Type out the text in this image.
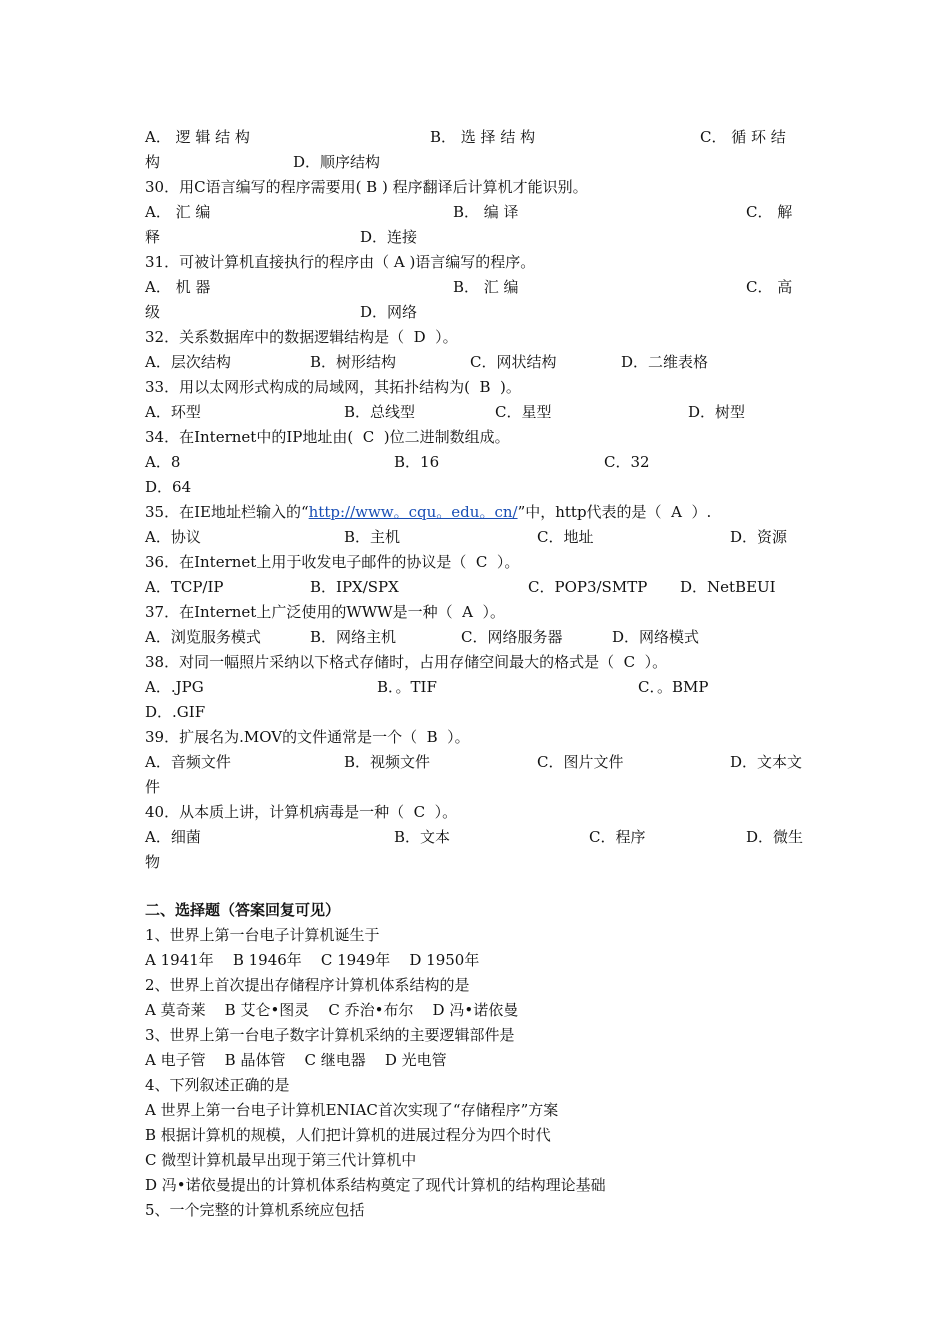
A． 逻 辑 结 构	B． 选 择 结 构	C． 循 环 结
构	D．顺序结构
30．用C语言编写的程序需要用( B ) 程序翻译后计算机才能识别。
A． 汇 编	B． 编 译	C． 解
释	D．连接
31．可被计算机直接执行的程序由（ A )语言编写的程序。
A． 机 器	B． 汇 编	C． 高
级	D．网络
32．关系数据库中的数据逻辑结构是（  D  ）。
A．层次结构	B．树形结构	C．网状结构	D．二维表格
33．用以太网形式构成的局域网，其拓扑结构为(  B  )。
A．环型	B．总线型	C．星型	D．树型
34．在Internet中的IP地址由(  C  )位二进制数组成。
A．8	B．16	C．32
D．64
35．在IE地址栏输入的“http://www。cqu。edu。cn/”中，http代表的是（  A  ）.
A．协议	B．主机	C．地址	D．资源
36．在Internet上用于收发电子邮件的协议是（  C  ）。
A．TCP/IP	B．IPX/SPX	C．POP3/SMTP D．NetBEUI
37．在Internet上广泛使用的WWW是一种（  A  ）。
A．浏览服务模式	B．网络主机	C．网络服务器	D．网络模式
38．对同一幅照片采纳以下格式存储时，占用存储空间最大的格式是（  C  ）。
A．.JPG	B．。TIF	C．。BMP
D．.GIF
39．扩展名为.MOV的文件通常是一个（  B  ）。
A．音频文件	B．视频文件	C．图片文件	D．文本文
件
40．从本质上讲，计算机病毒是一种（  C  ）。
A．细菌	B．文本	C．程序	D．微生
物
二、选择题（答案回复可见）
1、世界上第一台电子计算机诞生于
A 1941年    B 1946年    C 1949年    D 1950年
2、世界上首次提出存储程序计算机体系结构的是
A 莫奇莱    B 艾仑•图灵    C 乔治•布尔    D 冯•诺依曼
3、世界上第一台电子数字计算机采纳的主要逻辑部件是
A 电子管    B 晶体管    C 继电器    D 光电管
4、下列叙述正确的是
A 世界上第一台电子计算机ENIAC首次实现了“存储程序”方案
B 根据计算机的规模，人们把计算机的进展过程分为四个时代
C 微型计算机最早出现于第三代计算机中
D 冯•诺依曼提出的计算机体系结构奠定了现代计算机的结构理论基础
5、一个完整的计算机系统应包括
